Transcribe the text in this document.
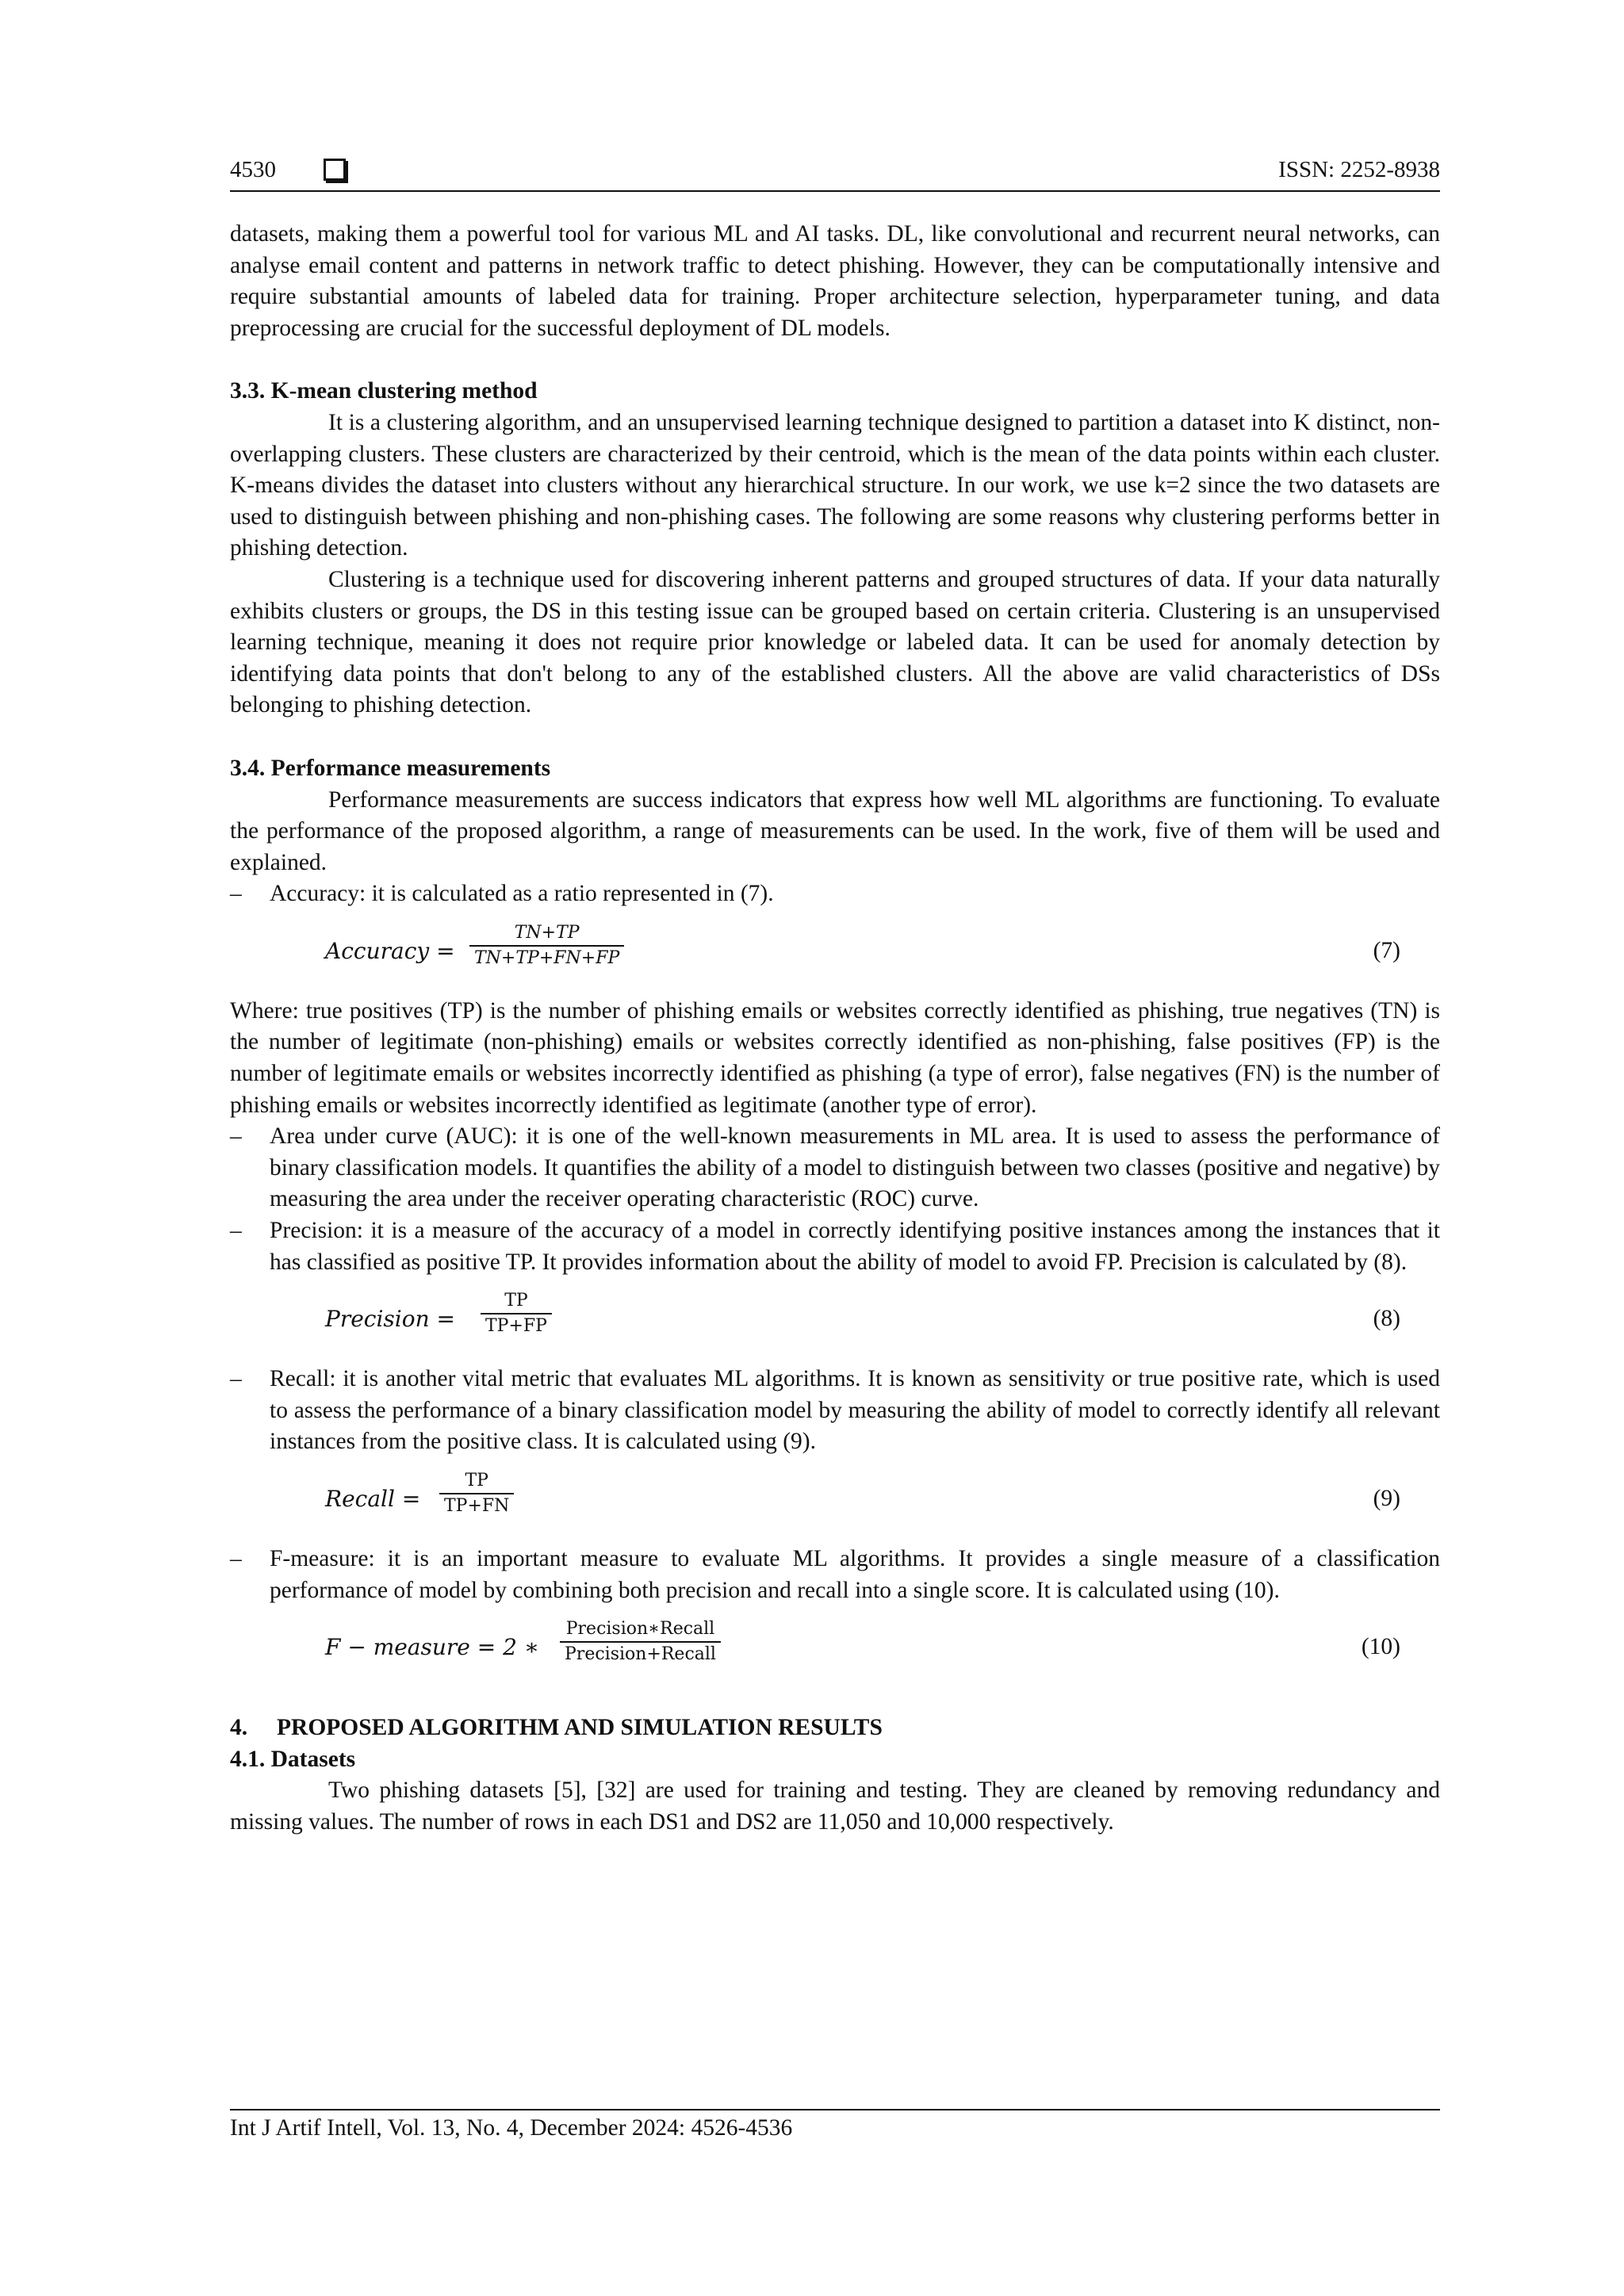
4530	ISSN: 2252-8938

datasets, making them a powerful tool for various ML and AI tasks. DL, like convolutional and recurrent neural networks, can analyse email content and patterns in network traffic to detect phishing. However, they can be computationally intensive and require substantial amounts of labeled data for training. Proper architecture selection, hyperparameter tuning, and data preprocessing are crucial for the successful deployment of DL models.

3.3. K-mean clustering method

It is a clustering algorithm, and an unsupervised learning technique designed to partition a dataset into K distinct, non-overlapping clusters. These clusters are characterized by their centroid, which is the mean of the data points within each cluster. K-means divides the dataset into clusters without any hierarchical structure. In our work, we use k=2 since the two datasets are used to distinguish between phishing and non-phishing cases. The following are some reasons why clustering performs better in phishing detection.

Clustering is a technique used for discovering inherent patterns and grouped structures of data. If your data naturally exhibits clusters or groups, the DS in this testing issue can be grouped based on certain criteria. Clustering is an unsupervised learning technique, meaning it does not require prior knowledge or labeled data. It can be used for anomaly detection by identifying data points that don't belong to any of the established clusters. All the above are valid characteristics of DSs belonging to phishing detection.

3.4. Performance measurements

Performance measurements are success indicators that express how well ML algorithms are functioning. To evaluate the performance of the proposed algorithm, a range of measurements can be used. In the work, five of them will be used and explained.

– Accuracy: it is calculated as a ratio represented in (7).
Accuracy = $\frac{TN+TP}{TN+TP+FN+FP}$	(7)

Where: true positives (TP) is the number of phishing emails or websites correctly identified as phishing, true negatives (TN) is the number of legitimate (non-phishing) emails or websites correctly identified as non-phishing, false positives (FP) is the number of legitimate emails or websites incorrectly identified as phishing (a type of error), false negatives (FN) is the number of phishing emails or websites incorrectly identified as legitimate (another type of error).

– Area under curve (AUC): it is one of the well-known measurements in ML area. It is used to assess the performance of binary classification models. It quantifies the ability of a model to distinguish between two classes (positive and negative) by measuring the area under the receiver operating characteristic (ROC) curve.
– Precision: it is a measure of the accuracy of a model in correctly identifying positive instances among the instances that it has classified as positive TP. It provides information about the ability of model to avoid FP. Precision is calculated by (8).
Precision = $\frac{TP}{TP+FP}$	(8)
– Recall: it is another vital metric that evaluates ML algorithms. It is known as sensitivity or true positive rate, which is used to assess the performance of a binary classification model by measuring the ability of model to correctly identify all relevant instances from the positive class. It is calculated using (9).
Recall = $\frac{TP}{TP+FN}$	(9)
– F-measure: it is an important measure to evaluate ML algorithms. It provides a single measure of a classification performance of model by combining both precision and recall into a single score. It is calculated using (10).
F − measure = 2 ∗
Precision∗Recall
Precision+Recall	(10)
4.     PROPOSED ALGORITHM AND SIMULATION RESULTS
4.1. Datasets

Two phishing datasets [5], [32] are used for training and testing. They are cleaned by removing redundancy and missing values. The number of rows in each DS1 and DS2 are 11,050 and 10,000 respectively.

Int J Artif Intell, Vol. 13, No. 4, December 2024: 4526-4536
